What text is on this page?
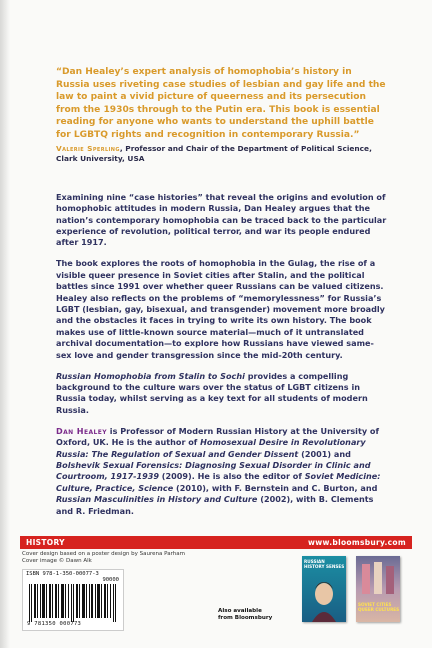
“Dan Healey’s expert analysis of homophobia’s history in Russia uses riveting case studies of lesbian and gay life and the law to paint a vivid picture of queerness and its persecution from the 1930s through to the Putin era. This book is essential reading for anyone who wants to understand the uphill battle for LGBTQ rights and recognition in contemporary Russia.”

Valerie Sperling, Professor and Chair of the Department of Political Science, Clark University, USA

Examining nine “case histories” that reveal the origins and evolution of homophobic attitudes in modern Russia, Dan Healey argues that the nation’s contemporary homophobia can be traced back to the particular experience of revolution, political terror, and war its people endured after 1917.

The book explores the roots of homophobia in the Gulag, the rise of a visible queer presence in Soviet cities after Stalin, and the political battles since 1991 over whether queer Russians can be valued citizens. Healey also reflects on the problems of “memorylessness” for Russia’s LGBT (lesbian, gay, bisexual, and transgender) movement more broadly and the obstacles it faces in trying to write its own history. The book makes use of little-known source material—much of it untranslated archival documentation—to explore how Russians have viewed same-sex love and gender transgression since the mid-20th century.

Russian Homophobia from Stalin to Sochi provides a compelling background to the culture wars over the status of LGBT citizens in Russia today, whilst serving as a key text for all students of modern Russia.

Dan Healey is Professor of Modern Russian History at the University of Oxford, UK. He is the author of Homosexual Desire in Revolutionary Russia: The Regulation of Sexual and Gender Dissent (2001) and Bolshevik Sexual Forensics: Diagnosing Sexual Disorder in Clinic and Courtroom, 1917-1939 (2009). He is also the editor of Soviet Medicine: Culture, Practice, Science (2010), with F. Bernstein and C. Burton, and Russian Masculinities in History and Culture (2002), with B. Clements and R. Friedman.

HISTORY	www.bloomsbury.com
Cover design based on a poster design by Saurena Parham
Cover image © Dawn Alk
ISBN 978-1-350-00077-3
90000
9 781350 000773
Also available
from Bloomsbury
RUSSIAN HISTORY SENSES
SOVIET CITIES QUEER CULTURES
